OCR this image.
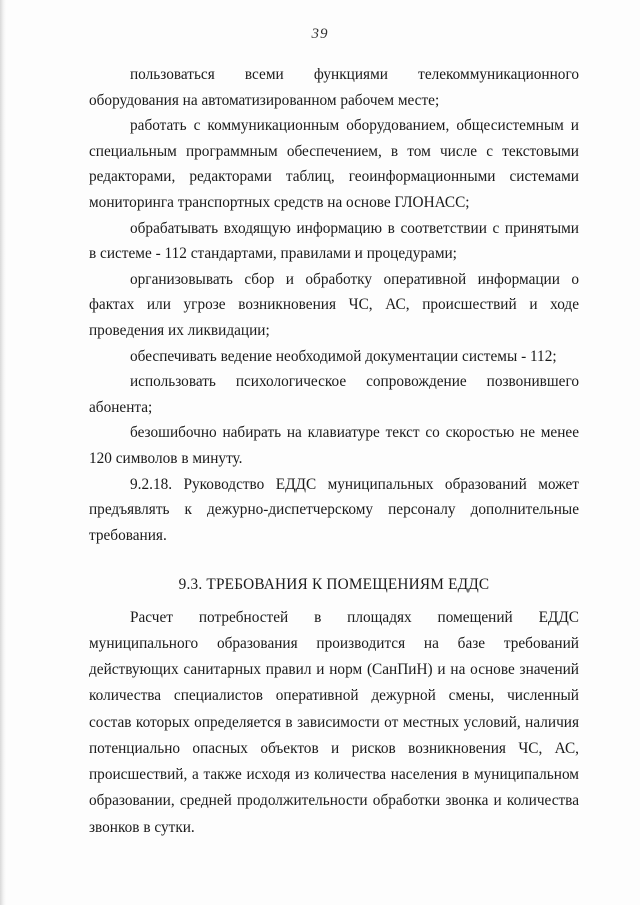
39

пользоваться всеми функциями телекоммуникационного оборудования на автоматизированном рабочем месте;

работать с коммуникационным оборудованием, общесистемным и специальным программным обеспечением, в том числе с текстовыми редакторами, редакторами таблиц, геоинформационными системами мониторинга транспортных средств на основе ГЛОНАСС;

обрабатывать входящую информацию в соответствии с принятыми в системе - 112 стандартами, правилами и процедурами;

организовывать сбор и обработку оперативной информации о фактах или угрозе возникновения ЧС, АС, происшествий и ходе проведения их ликвидации;

обеспечивать ведение необходимой документации системы - 112;

использовать психологическое сопровождение позвонившего абонента;

безошибочно набирать на клавиатуре текст со скоростью не менее 120 символов в минуту.

9.2.18. Руководство ЕДДС муниципальных образований может предъявлять к дежурно-диспетчерскому персоналу дополнительные требования.

9.3. ТРЕБОВАНИЯ К ПОМЕЩЕНИЯМ ЕДДС

Расчет потребностей в площадях помещений ЕДДС муниципального образования производится на базе требований действующих санитарных правил и норм (СанПиН) и на основе значений количества специалистов оперативной дежурной смены, численный состав которых определяется в зависимости от местных условий, наличия потенциально опасных объектов и рисков возникновения ЧС, АС, происшествий, а также исходя из количества населения в муниципальном образовании, средней продолжительности обработки звонка и количества звонков в сутки.
